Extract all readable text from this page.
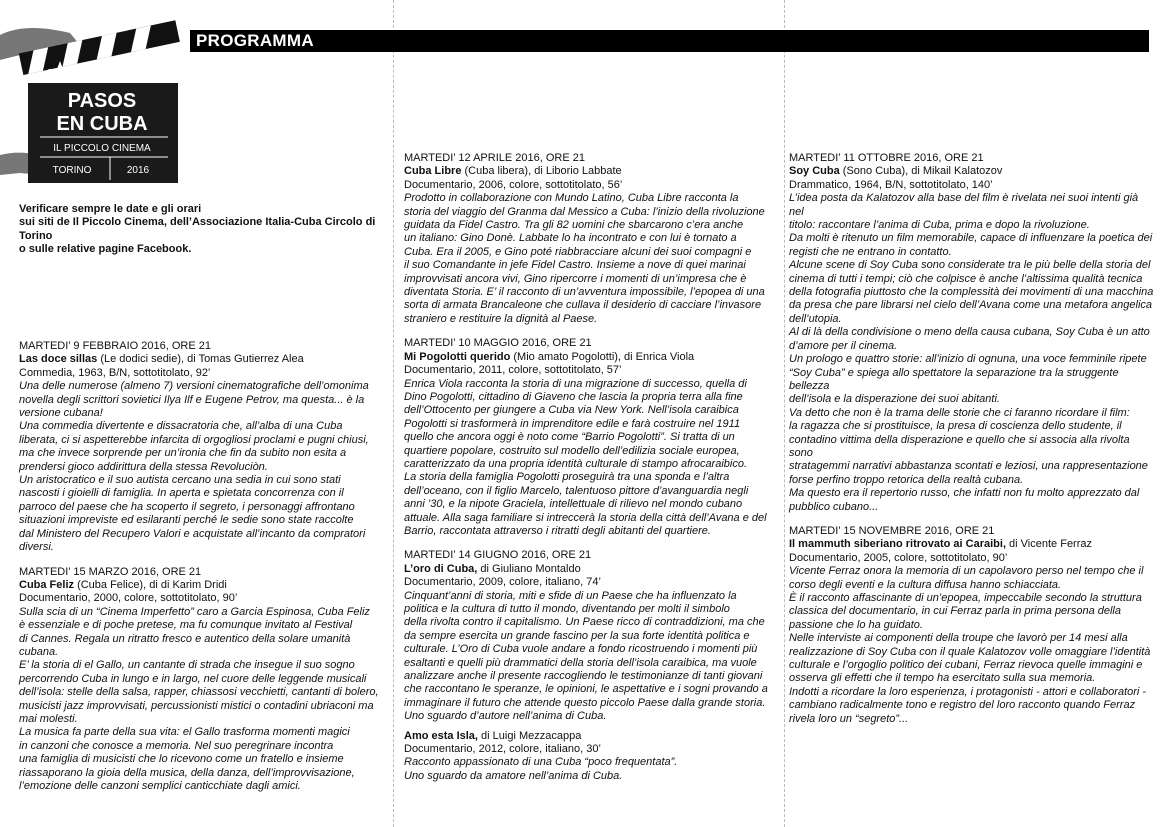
PROGRAMMA
PASOS
EN CUBA
IL PICCOLO CINEMA
TORINO	2016
Verificare sempre le date e gli orari
sui siti de Il Piccolo Cinema, dell’Associazione Italia-Cuba Circolo di Torino
o sulle relative pagine Facebook.
MARTEDI’ 9 FEBBRAIO 2016, ORE 21
Las doce sillas (Le dodici sedie), di Tomas Gutierrez Alea
Commedia, 1963, B/N, sottotitolato, 92’
Una delle numerose (almeno 7) versioni cinematografiche dell’omonima
novella degli scrittori sovietici Ilya Ilf e Eugene Petrov, ma questa... è la
versione cubana!
Una commedia divertente e dissacratoria che, all’alba di una Cuba
liberata, ci si aspetterebbe infarcita di orgogliosi proclami e pugni chiusi,
ma che invece sorprende per un’ironia che fin da subito non esita a
prendersi gioco addirittura della stessa Revoluciòn.
Un aristocratico e il suo autista cercano una sedia in cui sono stati
nascosti i gioielli di famiglia. In aperta e spietata concorrenza con il
parroco del paese che ha scoperto il segreto, i personaggi affrontano
situazioni impreviste ed esilaranti perché le sedie sono state raccolte
dal Ministero del Recupero Valori e acquistate all’incanto da compratori
diversi.
MARTEDI’ 15 MARZO 2016, ORE 21
Cuba Feliz (Cuba Felice), di di Karim Dridi
Documentario, 2000, colore, sottotitolato, 90’
Sulla scia di un “Cinema Imperfetto” caro a Garcia Espinosa, Cuba Feliz
è essenziale e di poche pretese, ma fu comunque invitato al Festival
di Cannes. Regala un ritratto fresco e autentico della solare umanità
cubana.
E’ la storia di el Gallo, un cantante di strada che insegue il suo sogno
percorrendo Cuba in lungo e in largo, nel cuore delle leggende musicali
dell’isola: stelle della salsa, rapper, chiassosi vecchietti, cantanti di bolero,
musicisti jazz improvvisati, percussionisti mistici o contadini ubriaconi ma
mai molesti.
La musica fa parte della sua vita: el Gallo trasforma momenti magici
in canzoni che conosce a memoria. Nel suo peregrinare incontra
una famiglia di musicisti che lo ricevono come un fratello e insieme
riassaporano la gioia della musica, della danza, dell’improvvisazione,
l’emozione delle canzoni semplici canticchiate dagli amici.
MARTEDI’ 12 APRILE 2016, ORE 21
Cuba Libre (Cuba libera), di Liborio Labbate
Documentario, 2006, colore, sottotitolato, 56’
Prodotto in collaborazione con Mundo Latino, Cuba Libre racconta la
storia del viaggio del Granma dal Messico a Cuba: l’inizio della rivoluzione
guidata da Fidel Castro. Tra gli 82 uomini che sbarcarono c’era anche
un italiano: Gino Donè. Labbate lo ha incontrato e con lui è tornato a
Cuba. Era il 2005, e Gino poté riabbracciare alcuni dei suoi compagni e
il suo Comandante in jefe Fidel Castro. Insieme a nove di quei marinai
improvvisati ancora vivi, Gino ripercorre i momenti di un’impresa che è
diventata Storia. E’ il racconto di un’avventura impossibile, l’epopea di una
sorta di armata Brancaleone che cullava il desiderio di cacciare l’invasore
straniero e restituire la dignità al Paese.
MARTEDI’ 10 MAGGIO 2016, ORE 21
Mi Pogolotti querido (Mio amato Pogolotti), di Enrica Viola
Documentario, 2011, colore, sottotitolato, 57’
Enrica Viola racconta la storia di una migrazione di successo, quella di
Dino Pogolotti, cittadino di Giaveno che lascia la propria terra alla fine
dell’Ottocento per giungere a Cuba via New York. Nell’isola caraibica
Pogolotti si trasformerà in imprenditore edile e farà costruire nel 1911
quello che ancora oggi è noto come “Barrio Pogolotti”. Si tratta di un
quartiere popolare, costruito sul modello dell’edilizia sociale europea,
caratterizzato da una propria identità culturale di stampo afrocaraibico.
La storia della famiglia Pogolotti proseguirà tra una sponda e l’altra
dell’oceano, con il figlio Marcelo, talentuoso pittore d’avanguardia negli
anni ’30, e la nipote Graciela, intellettuale di rilievo nel mondo cubano
attuale. Alla saga familiare si intreccerà la storia della città dell’Avana e del
Barrio, raccontata attraverso i ritratti degli abitanti del quartiere.
MARTEDI’ 14 GIUGNO 2016, ORE 21
L’oro di Cuba, di Giuliano Montaldo
Documentario, 2009, colore, italiano, 74’
Cinquant’anni di storia, miti e sfide di un Paese che ha influenzato la
politica e la cultura di tutto il mondo, diventando per molti il simbolo
della rivolta contro il capitalismo. Un Paese ricco di contraddizioni, ma che
da sempre esercita un grande fascino per la sua forte identità politica e
culturale. L’Oro di Cuba vuole andare a fondo ricostruendo i momenti più
esaltanti e quelli più drammatici della storia dell’isola caraibica, ma vuole
analizzare anche il presente raccogliendo le testimonianze di tanti giovani
che raccontano le speranze, le opinioni, le aspettative e i sogni provando a
immaginare il futuro che attende questo piccolo Paese dalla grande storia.
Uno sguardo d’autore nell’anima di Cuba.
Amo esta Isla, di Luigi Mezzacappa
Documentario, 2012, colore, italiano, 30’
Racconto appassionato di una Cuba “poco frequentata”.
Uno sguardo da amatore nell’anima di Cuba.
MARTEDI’ 11 OTTOBRE 2016, ORE 21
Soy Cuba (Sono Cuba), di Mikail Kalatozov
Drammatico, 1964, B/N, sottotitolato, 140’
L’idea posta da Kalatozov alla base del film è rivelata nei suoi intenti già nel
titolo: raccontare l’anima di Cuba, prima e dopo la rivoluzione.
Da molti è ritenuto un film memorabile, capace di influenzare la poetica dei
registi che ne entrano in contatto.
Alcune scene di Soy Cuba sono considerate tra le più belle della storia del
cinema di tutti i tempi; ciò che colpisce è anche l’altissima qualità tecnica
della fotografia piuttosto che la complessità dei movimenti di una macchina
da presa che pare librarsi nel cielo dell’Avana come una metafora angelica
dell’utopia.
Al di là della condivisione o meno della causa cubana, Soy Cuba è un atto
d’amore per il cinema.
Un prologo e quattro storie: all’inizio di ognuna, una voce femminile ripete
“Soy Cuba” e spiega allo spettatore la separazione tra la struggente bellezza
dell’isola e la disperazione dei suoi abitanti.
Va detto che non è la trama delle storie che ci faranno ricordare il film:
la ragazza che si prostituisce, la presa di coscienza dello studente, il
contadino vittima della disperazione e quello che si associa alla rivolta sono
stratagemmi narrativi abbastanza scontati e leziosi, una rappresentazione
forse perfino troppo retorica della realtà cubana.
Ma questo era il repertorio russo, che infatti non fu molto apprezzato dal
pubblico cubano...
MARTEDI’ 15 NOVEMBRE 2016, ORE 21
Il mammuth siberiano ritrovato ai Caraibi, di Vicente Ferraz
Documentario, 2005, colore, sottotitolato, 90’
Vicente Ferraz onora la memoria di un capolavoro perso nel tempo che il
corso degli eventi e la cultura diffusa hanno schiacciata.
È il racconto affascinante di un’epopea, impeccabile secondo la struttura
classica del documentario, in cui Ferraz parla in prima persona della
passione che lo ha guidato.
Nelle interviste ai componenti della troupe che lavorò per 14 mesi alla
realizzazione di Soy Cuba con il quale Kalatozov volle omaggiare l’identità
culturale e l’orgoglio politico dei cubani, Ferraz rievoca quelle immagini e
osserva gli effetti che il tempo ha esercitato sulla sua memoria.
Indotti a ricordare la loro esperienza, i protagonisti - attori e collaboratori -
cambiano radicalmente tono e registro del loro racconto quando Ferraz
rivela loro un “segreto”...
